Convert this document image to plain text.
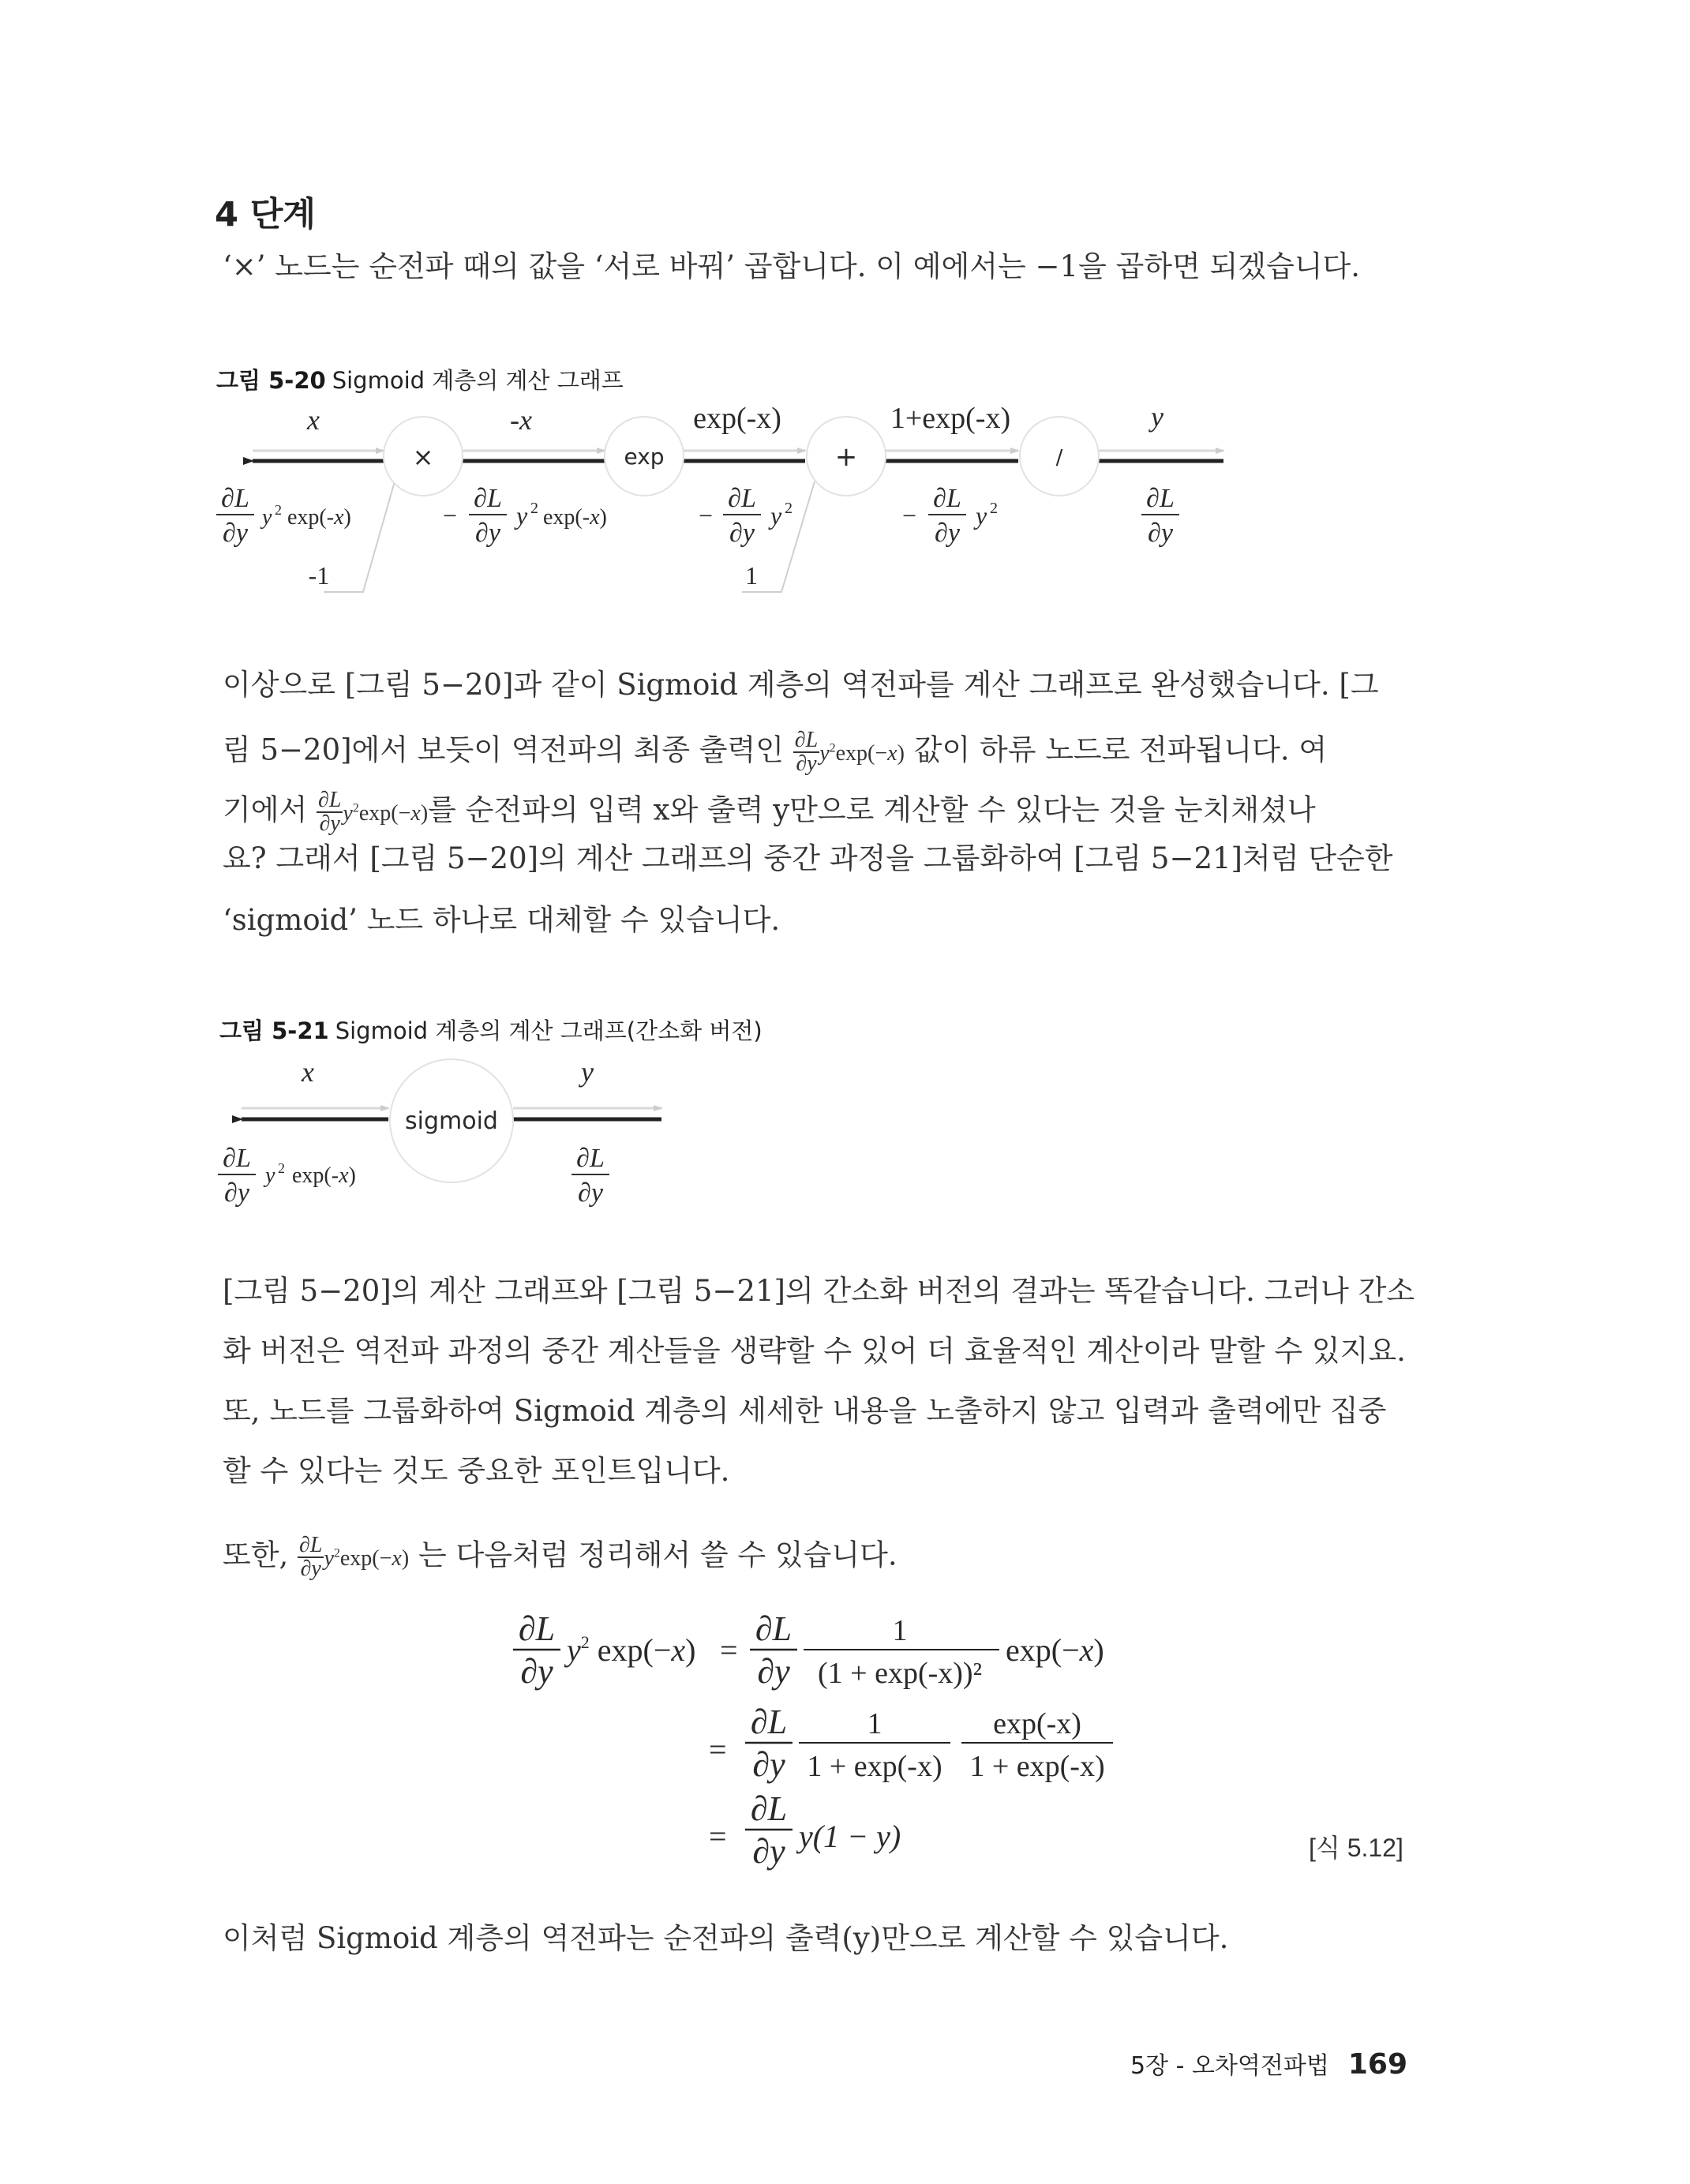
4 단계
‘×’ 노드는 순전파 때의 값을 ‘서로 바꿔’ 곱합니다. 이 예에서는 −1을 곱하면 되겠습니다.
그림 5-20 Sigmoid 계층의 계산 그래프
×	exp	+	/
x	-x	exp(-x)	1+exp(-x)	y
∂L
∂y
y 2 exp(-x)	−
∂L
∂y
y 2 exp(-x)	−
∂L
∂y
y 2	−
∂L
∂y
y 2	∂L
∂y
-1	1
이상으로 [그림 5−20]과 같이 Sigmoid 계층의 역전파를 계산 그래프로 완성했습니다. [그
림 5−20]에서 보듯이 역전파의 최종 출력인 $\frac{\partial L}{\partial y} y^2\exp(-x)$ 값이 하류 노드로 전파됩니다. 여
기에서 $\frac{\partial L}{\partial y} y^2\exp(-x)$를 순전파의 입력 x와 출력 y만으로 계산할 수 있다는 것을 눈치채셨나
요? 그래서 [그림 5−20]의 계산 그래프의 중간 과정을 그룹화하여 [그림 5−21]처럼 단순한
‘sigmoid’ 노드 하나로 대체할 수 있습니다.
그림 5-21 Sigmoid 계층의 계산 그래프(간소화 버전)
sigmoid
x	y
∂L
∂y
y 2 exp(-x)
∂L
∂y
[그림 5−20]의 계산 그래프와 [그림 5−21]의 간소화 버전의 결과는 똑같습니다. 그러나 간소
화 버전은 역전파 과정의 중간 계산들을 생략할 수 있어 더 효율적인 계산이라 말할 수 있지요.
또, 노드를 그룹화하여 Sigmoid 계층의 세세한 내용을 노출하지 않고 입력과 출력에만 집중
할 수 있다는 것도 중요한 포인트입니다.
또한, $\frac{\partial L}{\partial y} y^2\exp(-x)$ 는 다음처럼 정리해서 쓸 수 있습니다.
∂L
∂y
$y^2$ exp(−x) =
∂L
∂y
1
(1 + exp(-x))²
exp(−x)
=
∂L
∂y
1
1 + exp(-x)
exp(-x)
1 + exp(-x)
=
∂L
∂y y(1 − y)	[식 5.12]
이처럼 Sigmoid 계층의 역전파는 순전파의 출력(y)만으로 계산할 수 있습니다.
5장 - 오차역전파법 169
